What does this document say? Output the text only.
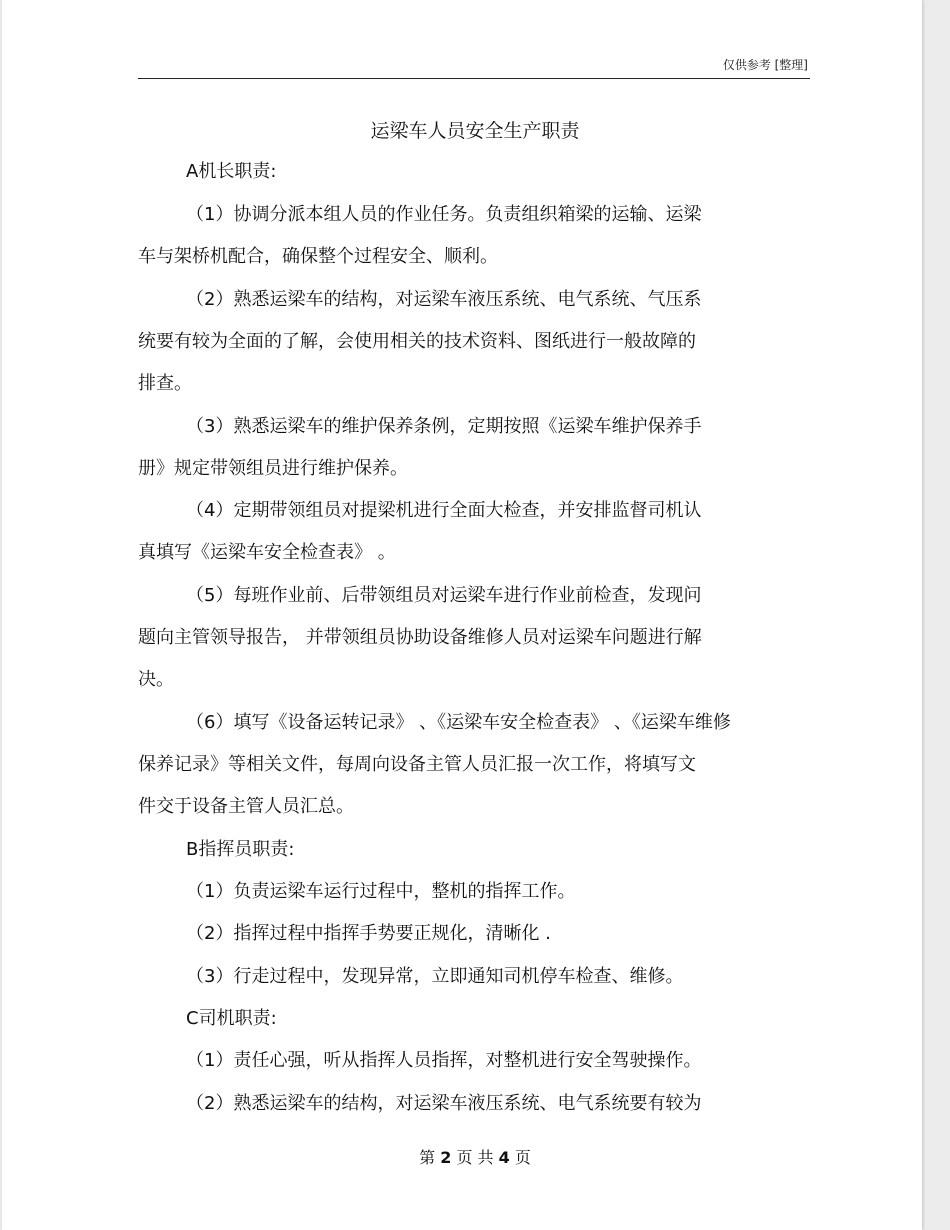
仅供参考 [整理]
运梁车人员安全生产职责
A机长职责:
（1）协调分派本组人员的作业任务。负责组织箱梁的运输、运梁
车与架桥机配合，确保整个过程安全、顺利。
（2）熟悉运梁车的结构，对运梁车液压系统、电气系统、气压系
统要有较为全面的了解，会使用相关的技术资料、图纸进行一般故障的
排查。
（3）熟悉运梁车的维护保养条例，定期按照《运梁车维护保养手
册》规定带领组员进行维护保养。
（4）定期带领组员对提梁机进行全面大检查，并安排监督司机认
真填写《运梁车安全检查表》 。
（5）每班作业前、后带领组员对运梁车进行作业前检查，发现问
题向主管领导报告， 并带领组员协助设备维修人员对运梁车问题进行解
决。
（6）填写《设备运转记录》 、《运梁车安全检查表》 、《运梁车维修
保养记录》等相关文件，每周向设备主管人员汇报一次工作，将填写文
件交于设备主管人员汇总。
B指挥员职责:
（1）负责运梁车运行过程中，整机的指挥工作。
（2）指挥过程中指挥手势要正规化，清晰化 .
（3）行走过程中，发现异常，立即通知司机停车检查、维修。
C司机职责:
（1）责任心强，听从指挥人员指挥，对整机进行安全驾驶操作。
（2）熟悉运梁车的结构，对运梁车液压系统、电气系统要有较为
第 2 页 共 4 页
